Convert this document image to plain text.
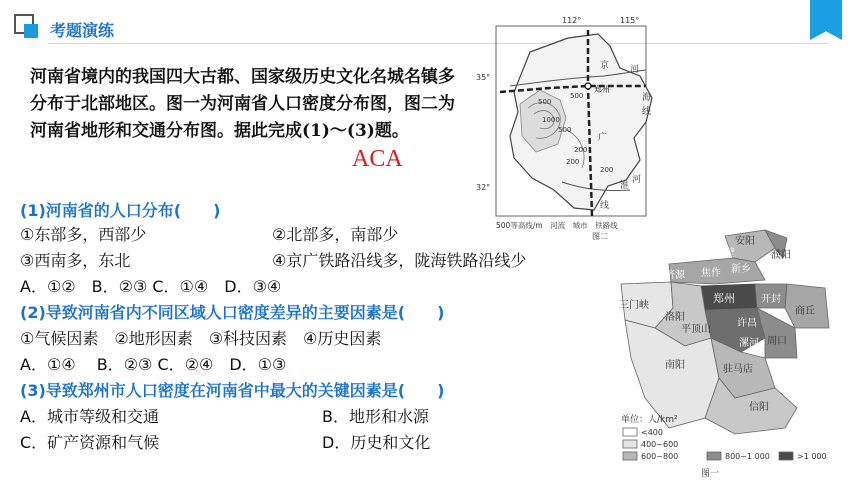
考题演练
河南省境内的我国四大古都、国家级历史文化名城名镇多分布于北部地区。图一为河南省人口密度分布图，图二为河南省地形和交通分布图。据此完成(1)～(3)题。
ACA
(1)河南省的人口分布(　　)
①东部多，西部少	②北部多，南部少
③西南多，东北	④京广铁路沿线多，陇海铁路沿线少
A．①②　B．②③ C．①④　D．③④
(2)导致河南省内不同区域人口密度差异的主要因素是(　　)
①气候因素　②地形因素　③科技因素　④历史因素
A．①④　 B．②③ C．②④　D．①③
(3)导致郑州市人口密度在河南省中最大的关键因素是(　　)
A．城市等级和交通	B．地形和水源
C．矿产资源和气候	D．历史和文化
112°	115°
35°
32°
郑州
500
500
1000
500
200
200
200
京
广
线
河
海
线
淮
河
500等高线/m　河流　城市　铁路线
图二	安阳
鹤壁	濮阳
济源 焦作 新乡
三门峡
郑州	开封
洛阳
商丘
平顶山
许昌
漯河 周口
南阳	驻马店
信阳
单位：人/km²
<400
400~600
600~800	800~1 000	>1 000
图一
